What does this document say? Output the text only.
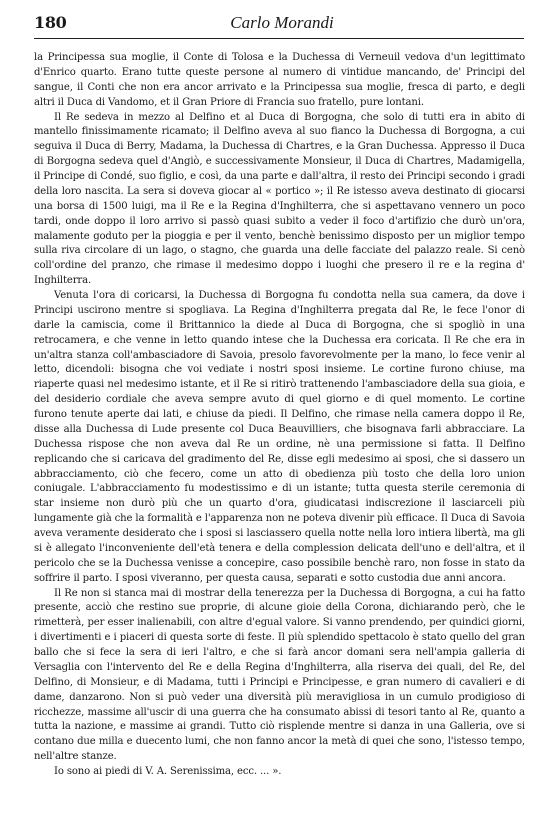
180	Carlo Morandi

la Principessa sua moglie, il Conte di Tolosa e la Duchessa di Verneuil vedova d'un legittimato d'Enrico quarto. Erano tutte queste persone al numero di vintidue mancando, de' Principi del sangue, il Conti che non era ancor arrivato e la Principessa sua moglie, fresca di parto, e degli altri il Duca di Vandomo, et il Gran Priore di Francia suo fratello, pure lontani.

Il Re sedeva in mezzo al Delfino et al Duca di Borgogna, che solo di tutti era in abito di mantello finissimamente ricamato; il Delfino aveva al suo fianco la Duchessa di Borgogna, a cui seguiva il Duca di Berry, Madama, la Duchessa di Chartres, e la Gran Duchessa. Appresso il Duca di Borgogna sedeva quel d'Angiò, e successivamente Monsieur, il Duca di Chartres, Madamigella, il Principe di Condé, suo figlio, e così, da una parte e dall'altra, il resto dei Principi secondo i gradi della loro nascita. La sera si doveva giocar al « portico »; il Re istesso aveva destinato di giocarsi una borsa di 1500 luigi, ma il Re e la Regina d'Inghilterra, che si aspettavano vennero un poco tardi, onde doppo il loro arrivo si passò quasi subito a veder il foco d'artifizio che durò un'ora, malamente goduto per la pioggia e per il vento, benchè benissimo disposto per un miglior tempo sulla riva circolare di un lago, o stagno, che guarda una delle facciate del palazzo reale. Si cenò coll'ordine del pranzo, che rimase il medesimo doppo i luoghi che presero il re e la regina d' Inghilterra.

Venuta l'ora di coricarsi, la Duchessa di Borgogna fu condotta nella sua camera, da dove i Principi uscirono mentre si spogliava. La Regina d'Inghilterra pregata dal Re, le fece l'onor di darle la camiscia, come il Brittannico la diede al Duca di Borgogna, che si spogliò in una retrocamera, e che venne in letto quando intese che la Duchessa era coricata. Il Re che era in un'altra stanza coll'ambasciadore di Savoia, presolo favorevolmente per la mano, lo fece venir al letto, dicendoli: bisogna che voi vediate i nostri sposi insieme. Le cortine furono chiuse, ma riaperte quasi nel medesimo istante, et il Re si ritirò trattenendo l'ambasciadore della sua gioia, e del desiderio cordiale che aveva sempre avuto di quel giorno e di quel momento. Le cortine furono tenute aperte dai lati, e chiuse da piedi. Il Delfino, che rimase nella camera doppo il Re, disse alla Duchessa di Lude presente col Duca Beauvilliers, che bisognava farli abbracciare. La Duchessa rispose che non aveva dal Re un ordine, nè una permissione si fatta. Il Delfino replicando che si caricava del gradimento del Re, disse egli medesimo ai sposi, che si dassero un abbracciamento, ciò che fecero, come un atto di obedienza più tosto che della loro union coniugale. L'abbracciamento fu modestissimo e di un istante; tutta questa sterile ceremonia di star insieme non durò più che un quarto d'ora, giudicatasi indiscrezione il lasciarceli più lungamente già che la formalità e l'apparenza non ne poteva divenir più efficace. Il Duca di Savoia aveva veramente desiderato che i sposi si lasciassero quella notte nella loro intiera libertà, ma gli si è allegato l'inconveniente dell'età tenera e della complession delicata dell'uno e dell'altra, et il pericolo che se la Duchessa venisse a concepire, caso possibile benchè raro, non fosse in stato da soffrire il parto. I sposi viveranno, per questa causa, separati e sotto custodia due anni ancora.

Il Re non si stanca mai di mostrar della tenerezza per la Duchessa di Borgogna, a cui ha fatto presente, acciò che restino sue proprie, di alcune gioie della Corona, dichiarando però, che le rimetterà, per esser inalienabili, con altre d'egual valore. Si vanno prendendo, per quindici giorni, i divertimenti e i piaceri di questa sorte di feste. Il più splendido spettacolo è stato quello del gran ballo che si fece la sera di ieri l'altro, e che si farà ancor domani sera nell'ampia galleria di Versaglia con l'intervento del Re e della Regina d'Inghilterra, alla riserva dei quali, del Re, del Delfino, di Monsieur, e di Madama, tutti i Principi e Principesse, e gran numero di cavalieri e di dame, danzarono. Non si può veder una diversità più meravigliosa in un cumulo prodigioso di ricchezze, massime all'uscir di una guerra che ha consumato abissi di tesori tanto al Re, quanto a tutta la nazione, e massime ai grandi. Tutto ciò risplende mentre si danza in una Galleria, ove si contano due milla e duecento lumi, che non fanno ancor la metà di quei che sono, l'istesso tempo, nell'altre stanze.

Io sono ai piedi di V. A. Serenissima, ecc. ... ».
